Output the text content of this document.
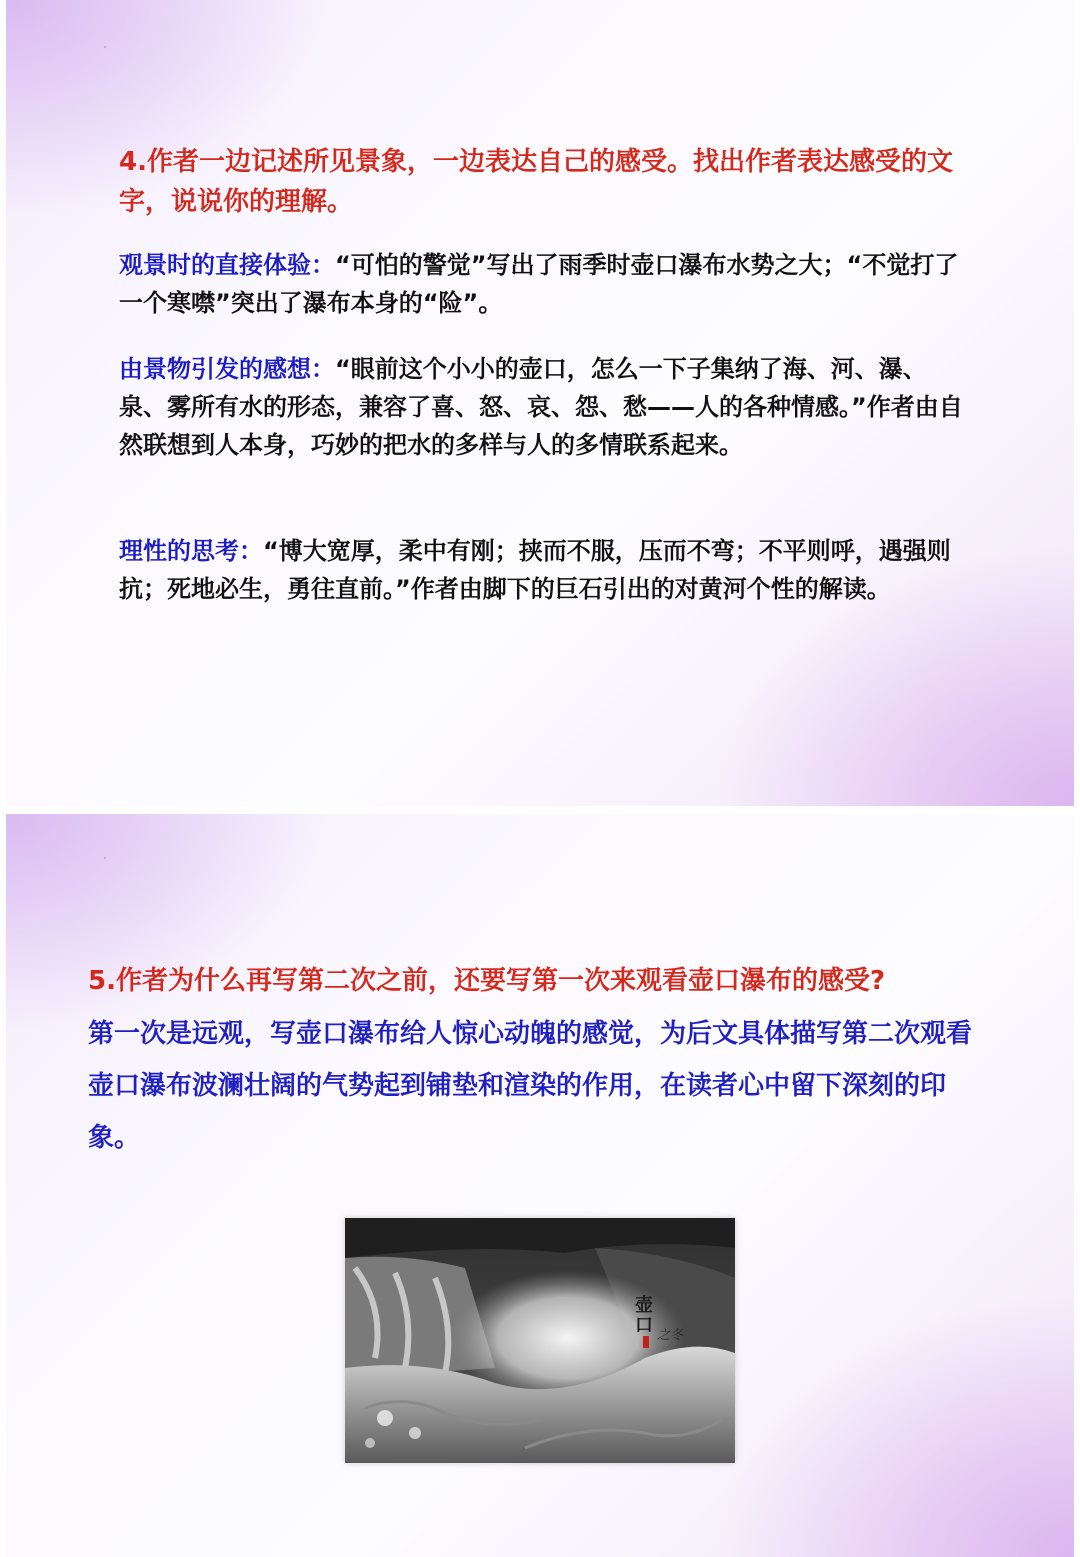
4.作者一边记述所见景象，一边表达自己的感受。找出作者表达感受的文字，说说你的理解。

观景时的直接体验：“可怕的警觉”写出了雨季时壶口瀑布水势之大；“不觉打了一个寒噤”突出了瀑布本身的“险”。

由景物引发的感想：“眼前这个小小的壶口，怎么一下子集纳了海、河、瀑、泉、雾所有水的形态，兼容了喜、怒、哀、怨、愁——人的各种情感。”作者由自然联想到人本身，巧妙的把水的多样与人的多情联系起来。

理性的思考：“博大宽厚，柔中有刚；挟而不服，压而不弯；不平则呼，遇强则抗；死地必生，勇往直前。”作者由脚下的巨石引出的对黄河个性的解读。

5.作者为什么再写第二次之前，还要写第一次来观看壶口瀑布的感受?

第一次是远观，写壶口瀑布给人惊心动魄的感觉，为后文具体描写第二次观看壶口瀑布波澜壮阔的气势起到铺垫和渲染的作用，在读者心中留下深刻的印象。

壶口 之冬
